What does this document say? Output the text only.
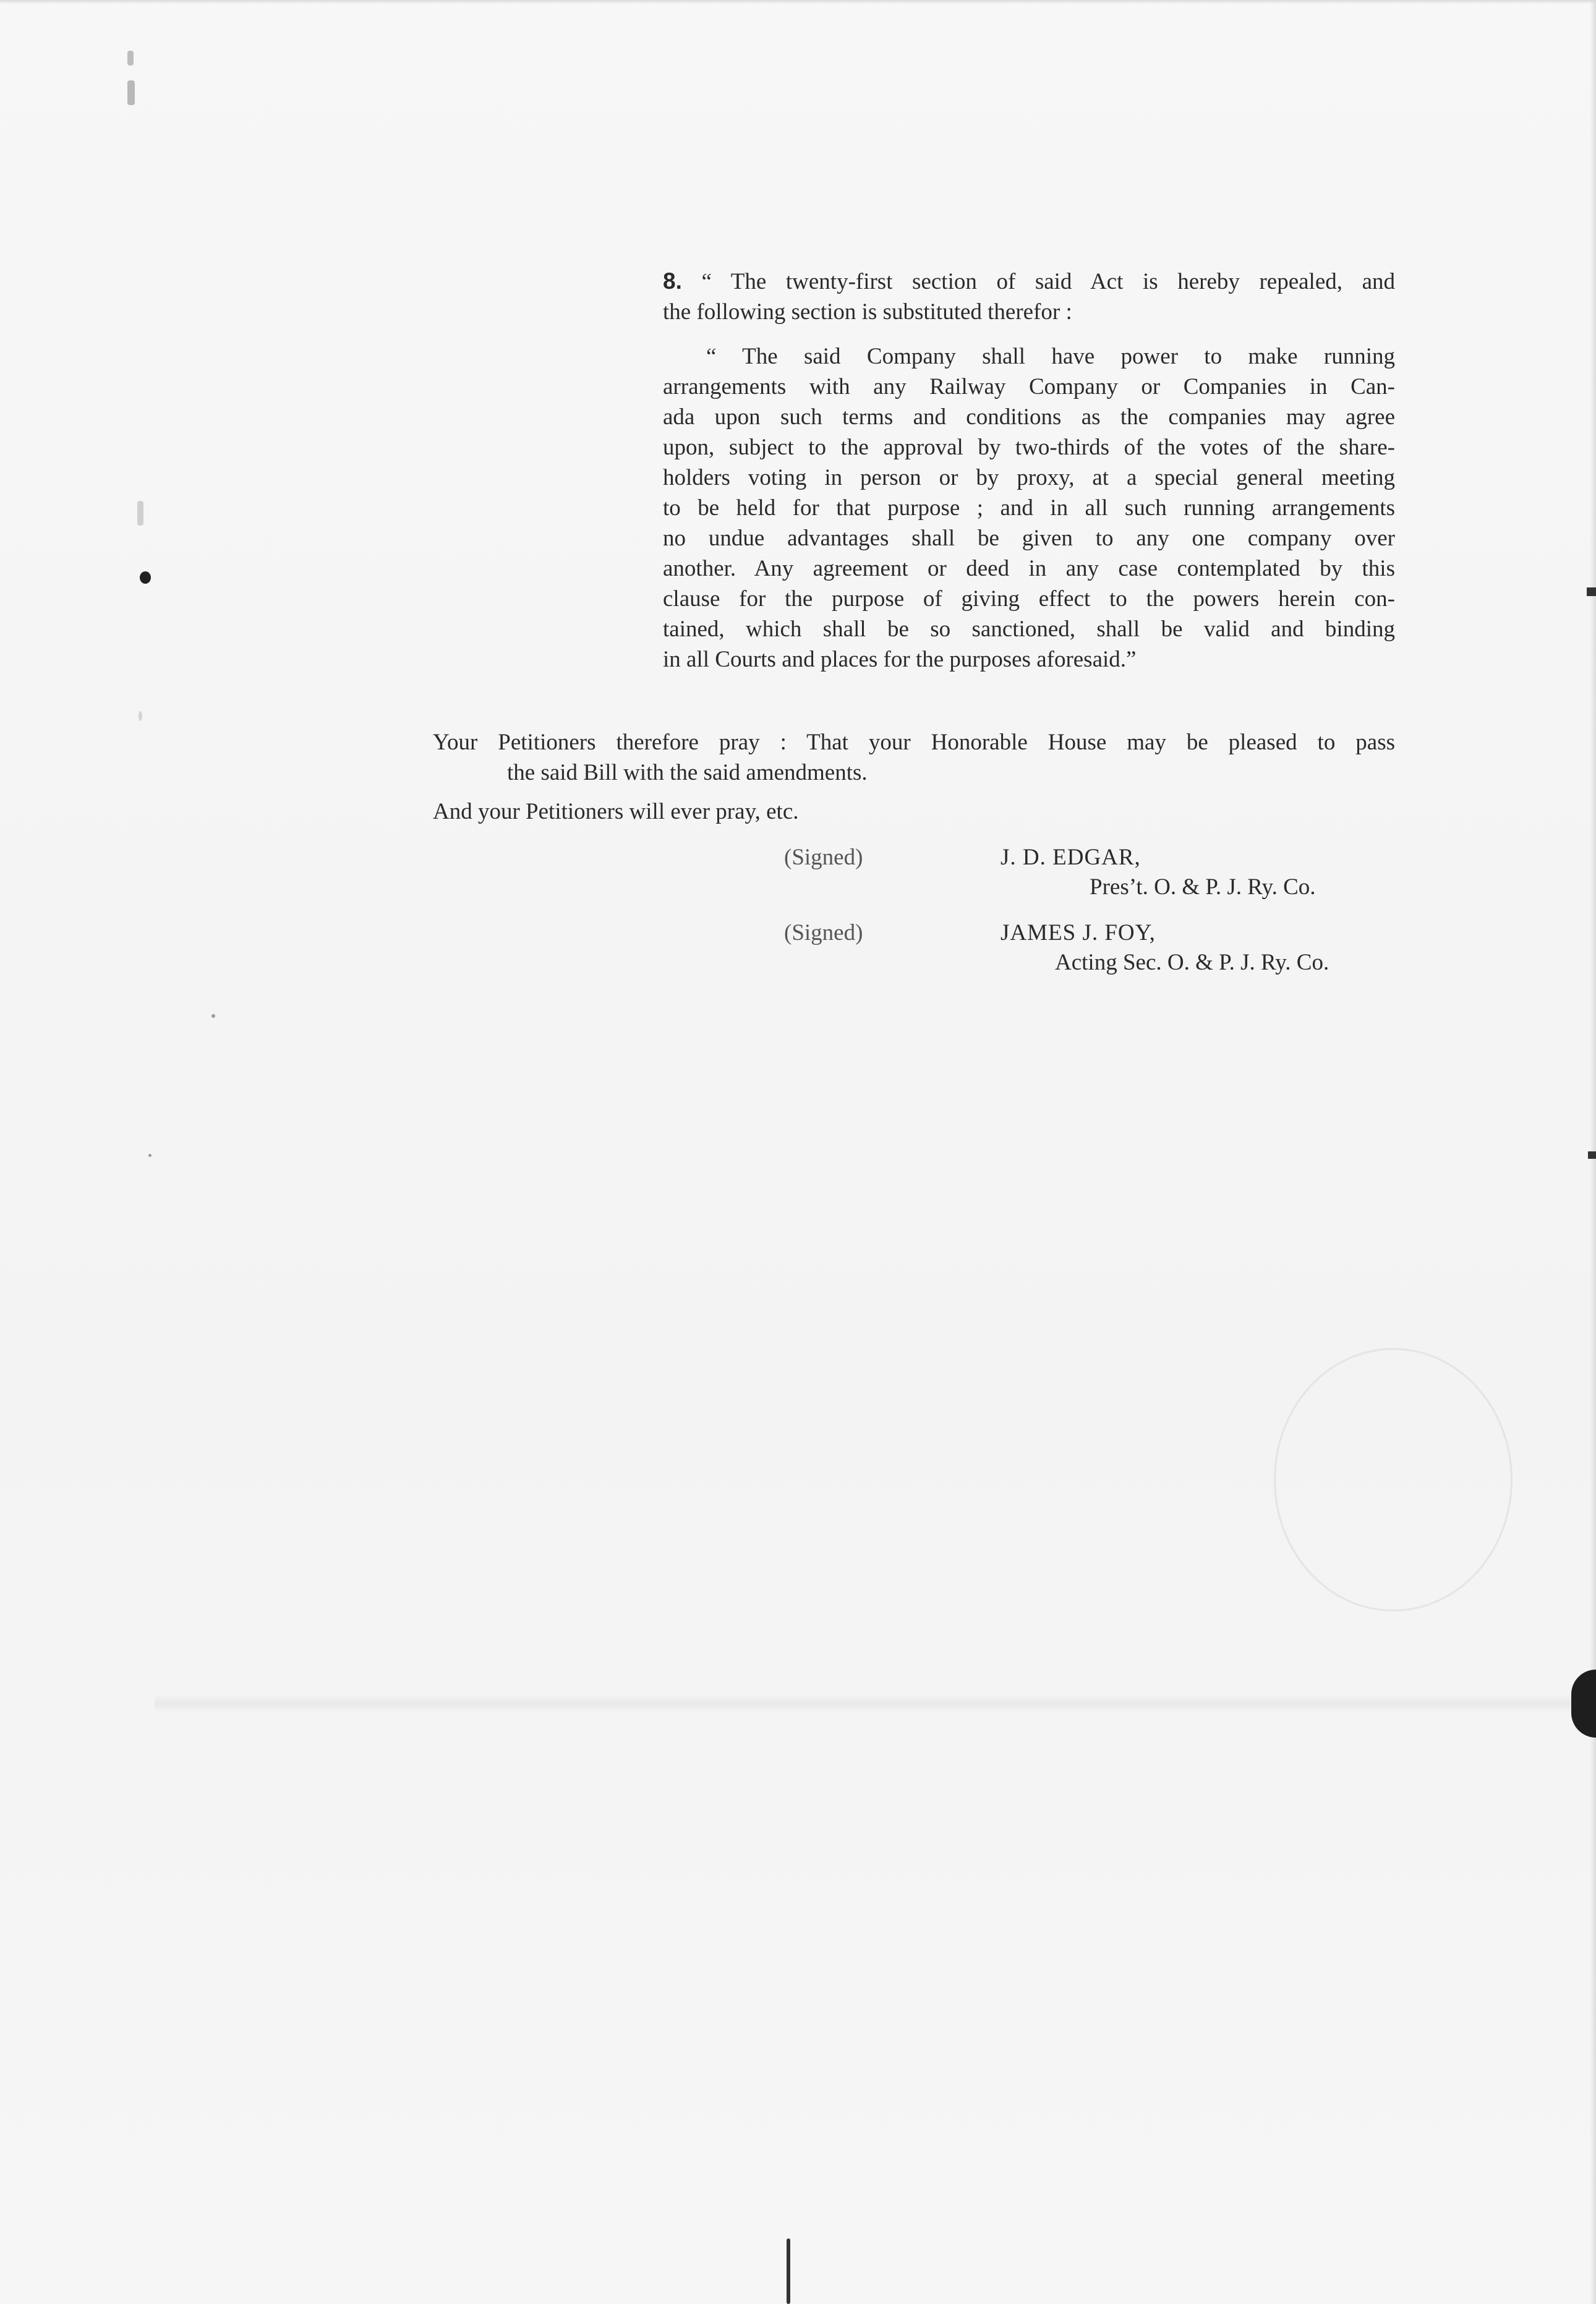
8. “ The twenty-first section of said Act is hereby repealed, and
the following section is substituted therefor :
“ The said Company shall have power to make running
arrangements with any Railway Company or Companies in Can-
ada upon such terms and conditions as the companies may agree
upon, subject to the approval by two-thirds of the votes of the share-
holders voting in person or by proxy, at a special general meeting
to be held for that purpose ; and in all such running arrangements
no undue advantages shall be given to any one company over
another. Any agreement or deed in any case contemplated by this
clause for the purpose of giving effect to the powers herein con-
tained, which shall be so sanctioned, shall be valid and binding
in all Courts and places for the purposes aforesaid.”
Your Petitioners therefore pray : That your Honorable House may be pleased to pass
the said Bill with the said amendments.
And your Petitioners will ever pray, etc.
(Signed)	J. D. EDGAR,
Pres’t. O. & P. J. Ry. Co.
(Signed)	JAMES J. FOY,
Acting Sec. O. & P. J. Ry. Co.
